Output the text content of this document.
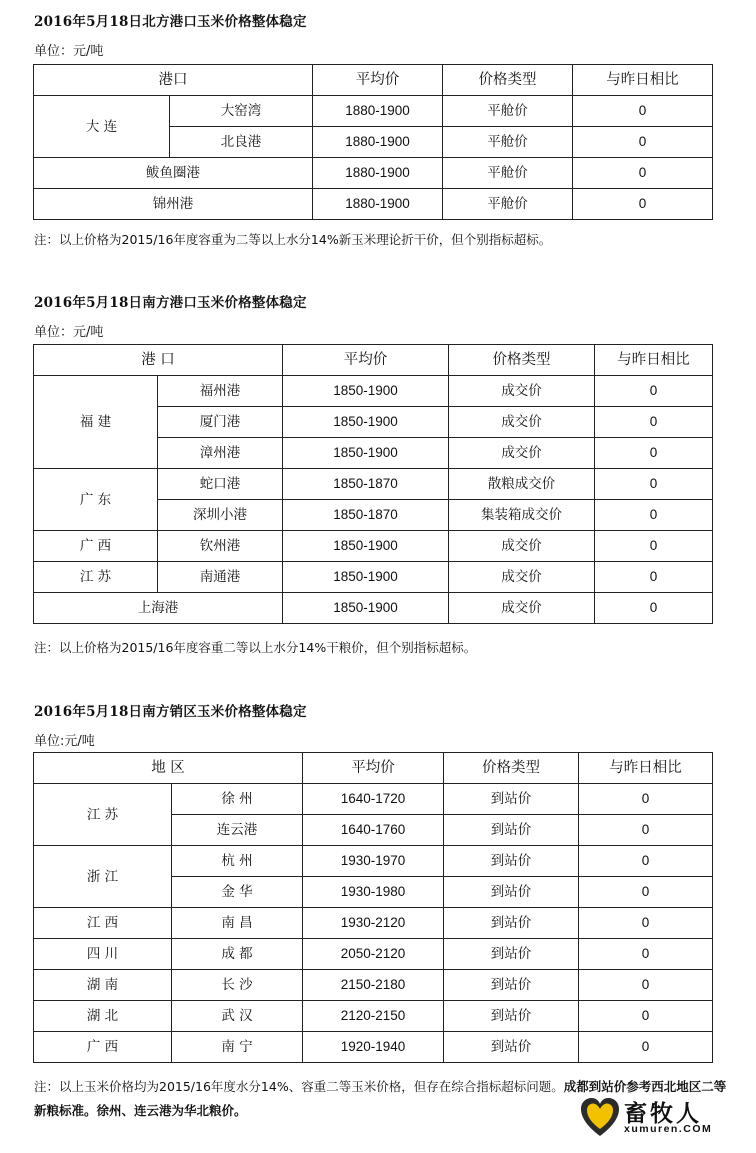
2016年5月18日北方港口玉米价格整体稳定
单位：元/吨
港口		平均价	价格类型	与昨日相比
大 连	大窑湾	1880-1900	平舱价	0
	北良港	1880-1900	平舱价	0
鲅鱼圈港		1880-1900	平舱价	0
锦州港		1880-1900	平舱价	0
注：以上价格为2015/16年度容重为二等以上水分14%新玉米理论折干价，但个别指标超标。
2016年5月18日南方港口玉米价格整体稳定
单位：元/吨
港 口		平均价	价格类型	与昨日相比
福 建	福州港	1850-1900	成交价	0
	厦门港	1850-1900	成交价	0
	漳州港	1850-1900	成交价	0
广 东	蛇口港	1850-1870	散粮成交价	0
	深圳小港	1850-1870	集装箱成交价	0
广 西	钦州港	1850-1900	成交价	0
江 苏	南通港	1850-1900	成交价	0
上海港		1850-1900	成交价	0
注：以上价格为2015/16年度容重二等以上水分14%干粮价，但个别指标超标。
2016年5月18日南方销区玉米价格整体稳定
单位:元/吨
地 区		平均价	价格类型	与昨日相比
江 苏	徐 州	1640-1720	到站价	0
	连云港	1640-1760	到站价	0
浙 江	杭 州	1930-1970	到站价	0
	金 华	1930-1980	到站价	0
江 西	南 昌	1930-2120	到站价	0
四 川	成 都	2050-2120	到站价	0
湖 南	长 沙	2150-2180	到站价	0
湖 北	武 汉	2120-2150	到站价	0
广 西	南 宁	1920-1940	到站价	0
注：以上玉米价格均为2015/16年度水分14%、容重二等玉米价格，但存在综合指标超标问题。成都到站价参考西北地区二等新粮标准。徐州、连云港为华北粮价。	畜牧人
xumuren.COM
